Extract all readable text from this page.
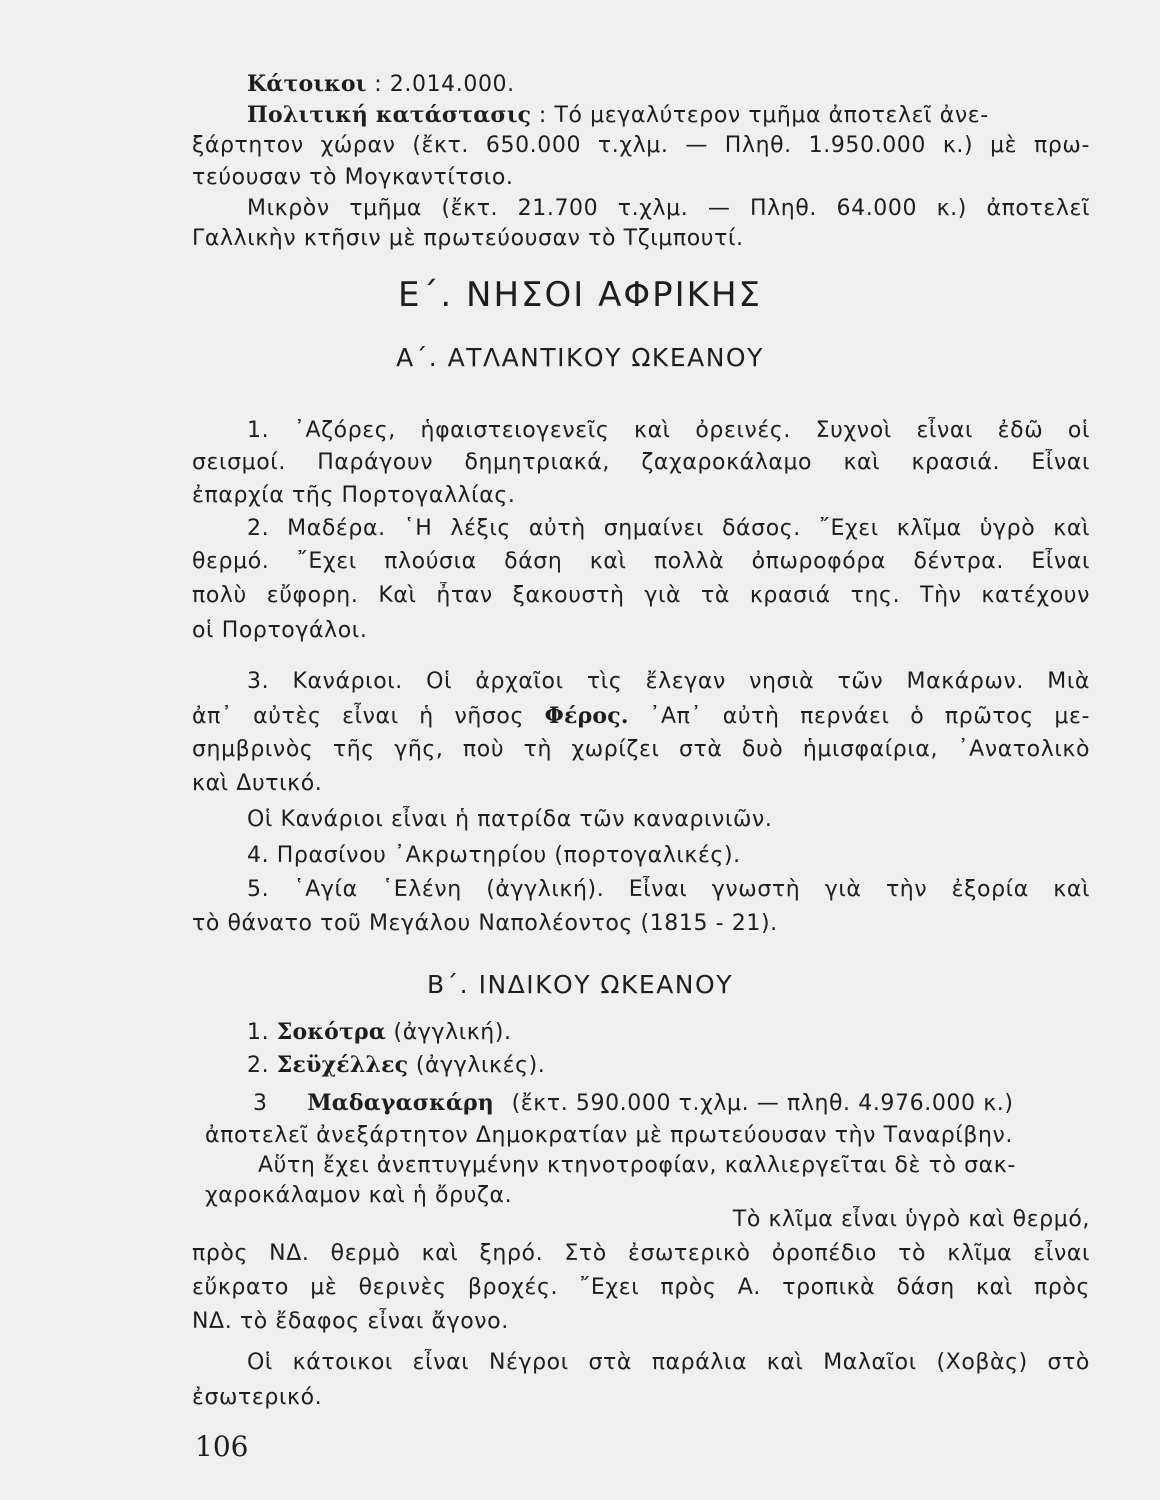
Κάτοικοι : 2.014.000.
Πολιτική κατάστασις : Τό μεγαλύτερον τμῆμα ἀποτελεῖ ἀνε-
ξάρτητον χώραν (ἔκτ. 650.000 τ.χλμ. — Πληθ. 1.950.000 κ.) μὲ πρω-
τεύουσαν τὸ Μογκαντίτσιο.
Μικρὸν τμῆμα (ἔκτ. 21.700 τ.χλμ. — Πληθ. 64.000 κ.) ἀποτελεῖ
Γαλλικὴν κτῆσιν μὲ πρωτεύουσαν τὸ Τζιμπουτί.
Ε΄. ΝΗΣΟΙ ΑΦΡΙΚΗΣ
Α΄. ΑΤΛΑΝΤΙΚΟΥ ΩΚΕΑΝΟΥ
1. ᾿Αζόρες, ἡφαιστειογενεῖς καὶ ὀρεινές. Συχνοὶ εἶναι ἐδῶ οἱ
σεισμοί. Παράγουν δημητριακά, ζαχαροκάλαμο καὶ κρασιά. Εἶναι
ἐπαρχία τῆς Πορτογαλλίας.
2. Μαδέρα. ῾Η λέξις αὐτὴ σημαίνει δάσος. ῎Εχει κλῖμα ὑγρὸ καὶ
θερμό. ῎Εχει πλούσια δάση καὶ πολλὰ ὀπωροφόρα δέντρα. Εἶναι
πολὺ εὔφορη. Καὶ ἦταν ξακουστὴ γιὰ τὰ κρασιά της. Τὴν κατέχουν
οἱ Πορτογάλοι.
3. Κανάριοι. Οἱ ἀρχαῖοι τὶς ἔλεγαν νησιὰ τῶν Μακάρων. Μιὰ
ἀπ᾿ αὐτὲς εἶναι ἡ νῆσος Φέρος. ᾿Απ᾿ αὐτὴ περνάει ὁ πρῶτος με-
σημβρινὸς τῆς γῆς, ποὺ τὴ χωρίζει στὰ δυὸ ἡμισφαίρια, ᾿Ανατολικὸ
καὶ Δυτικό.
Οἱ Κανάριοι εἶναι ἡ πατρίδα τῶν καναρινιῶν.
4. Πρασίνου ᾿Ακρωτηρίου (πορτογαλικές).
5. ῾Αγία ῾Ελένη (ἀγγλική). Εἶναι γνωστὴ γιὰ τὴν ἐξορία καὶ
τὸ θάνατο τοῦ Μεγάλου Ναπολέοντος (1815 - 21).
Β΄. ΙΝΔΙΚΟΥ ΩΚΕΑΝΟΥ
1. Σοκότρα (ἀγγλική).
2. Σεϋχέλλες (ἀγγλικές).
3 Μαδαγασκάρη (ἔκτ. 590.000 τ.χλμ. — πληθ. 4.976.000 κ.)
ἀποτελεῖ ἀνεξάρτητον Δημοκρατίαν μὲ πρωτεύουσαν τὴν Ταναρίβην.
Αὕτη ἔχει ἀνεπτυγμένην κτηνοτροφίαν, καλλιεργεῖται δὲ τὸ σακ-
χαροκάλαμον καὶ ἡ ὄρυζα.
Τὸ κλῖμα εἶναι ὑγρὸ καὶ θερμό,
πρὸς ΝΔ. θερμὸ καὶ ξηρό. Στὸ ἐσωτερικὸ ὀροπέδιο τὸ κλῖμα εἶναι
εὔκρατο μὲ θερινὲς βροχές. ῎Εχει πρὸς Α. τροπικὰ δάση καὶ πρὸς
ΝΔ. τὸ ἔδαφος εἶναι ἄγονο.
Οἱ κάτοικοι εἶναι Νέγροι στὰ παράλια καὶ Μαλαῖοι (Χοβὰς) στὸ
ἐσωτερικό.
106
